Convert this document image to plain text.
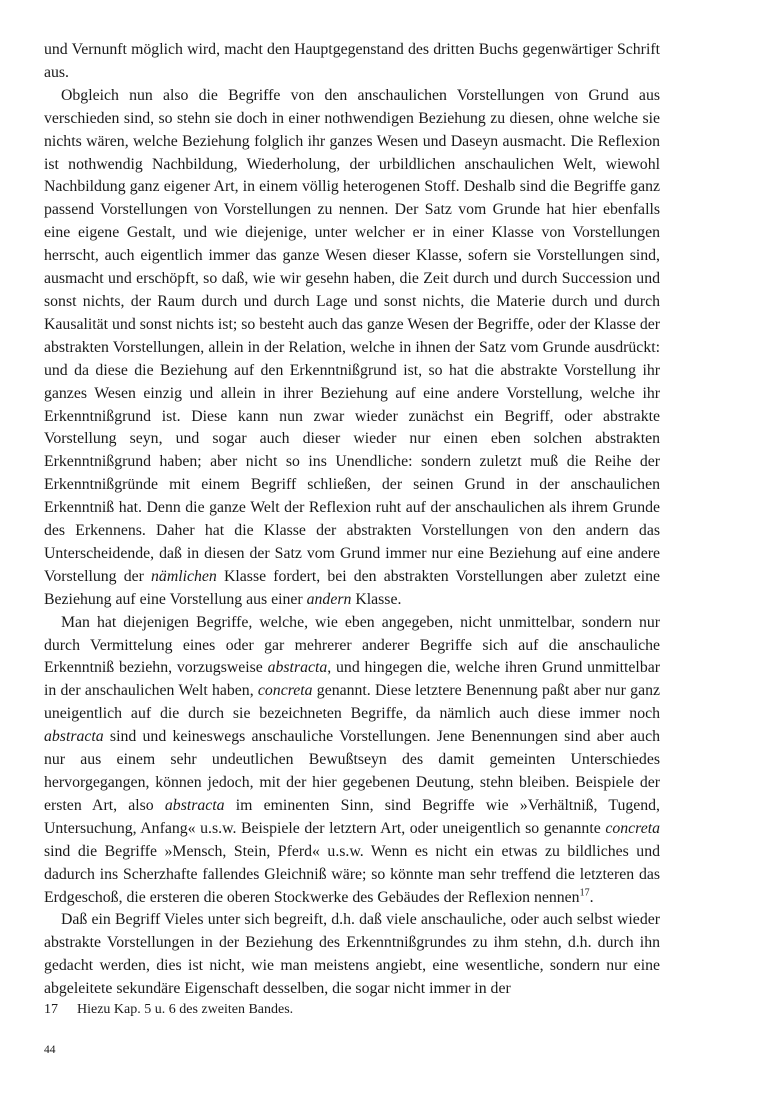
und Vernunft möglich wird, macht den Hauptgegenstand des dritten Buchs gegenwärtiger Schrift aus.

Obgleich nun also die Begriffe von den anschaulichen Vorstellungen von Grund aus verschieden sind, so stehn sie doch in einer nothwendigen Beziehung zu diesen, ohne welche sie nichts wären, welche Beziehung folglich ihr ganzes Wesen und Daseyn ausmacht. Die Reflexion ist nothwendig Nachbildung, Wiederholung, der urbildlichen anschaulichen Welt, wiewohl Nachbildung ganz eigener Art, in einem völlig heterogenen Stoff. Deshalb sind die Begriffe ganz passend Vorstellungen von Vorstellungen zu nennen. Der Satz vom Grunde hat hier ebenfalls eine eigene Gestalt, und wie diejenige, unter welcher er in einer Klasse von Vorstellungen herrscht, auch eigentlich immer das ganze Wesen dieser Klasse, sofern sie Vorstellungen sind, ausmacht und erschöpft, so daß, wie wir gesehn haben, die Zeit durch und durch Succession und sonst nichts, der Raum durch und durch Lage und sonst nichts, die Materie durch und durch Kausalität und sonst nichts ist; so besteht auch das ganze Wesen der Begriffe, oder der Klasse der abstrakten Vorstellungen, allein in der Relation, welche in ihnen der Satz vom Grunde ausdrückt: und da diese die Beziehung auf den Erkenntnißgrund ist, so hat die abstrakte Vorstellung ihr ganzes Wesen einzig und allein in ihrer Beziehung auf eine andere Vorstellung, welche ihr Erkenntnißgrund ist. Diese kann nun zwar wieder zunächst ein Begriff, oder abstrakte Vorstellung seyn, und sogar auch dieser wieder nur einen eben solchen abstrakten Erkenntnißgrund haben; aber nicht so ins Unendliche: sondern zuletzt muß die Reihe der Erkenntnißgründe mit einem Begriff schließen, der seinen Grund in der anschaulichen Erkenntniß hat. Denn die ganze Welt der Reflexion ruht auf der anschaulichen als ihrem Grunde des Erkennens. Daher hat die Klasse der abstrakten Vorstellungen von den andern das Unterscheidende, daß in diesen der Satz vom Grund immer nur eine Beziehung auf eine andere Vorstellung der nämlichen Klasse fordert, bei den abstrakten Vorstellungen aber zuletzt eine Beziehung auf eine Vorstellung aus einer andern Klasse.

Man hat diejenigen Begriffe, welche, wie eben angegeben, nicht unmittelbar, sondern nur durch Vermittelung eines oder gar mehrerer anderer Begriffe sich auf die anschauliche Erkenntniß beziehn, vorzugsweise abstracta, und hingegen die, welche ihren Grund unmittelbar in der anschaulichen Welt haben, concreta genannt. Diese letztere Benennung paßt aber nur ganz uneigentlich auf die durch sie bezeichneten Begriffe, da nämlich auch diese immer noch abstracta sind und keineswegs anschauliche Vorstellungen. Jene Benennungen sind aber auch nur aus einem sehr undeutlichen Bewußtseyn des damit gemeinten Unterschiedes hervorgegangen, können jedoch, mit der hier gegebenen Deutung, stehn bleiben. Beispiele der ersten Art, also abstracta im eminenten Sinn, sind Begriffe wie »Verhältniß, Tugend, Untersuchung, Anfang« u.s.w. Beispiele der letztern Art, oder uneigentlich so genannte concreta sind die Begriffe »Mensch, Stein, Pferd« u.s.w. Wenn es nicht ein etwas zu bildliches und dadurch ins Scherzhafte fallendes Gleichniß wäre; so könnte man sehr treffend die letzteren das Erdgeschoß, die ersteren die oberen Stockwerke des Gebäudes der Reflexion nennen$^{17}$.

Daß ein Begriff Vieles unter sich begreift, d.h. daß viele anschauliche, oder auch selbst wieder abstrakte Vorstellungen in der Beziehung des Erkenntnißgrundes zu ihm stehn, d.h. durch ihn gedacht werden, dies ist nicht, wie man meistens angiebt, eine wesentliche, sondern nur eine abgeleitete sekundäre Eigenschaft desselben, die sogar nicht immer in der

17 Hiezu Kap. 5 u. 6 des zweiten Bandes.
44
